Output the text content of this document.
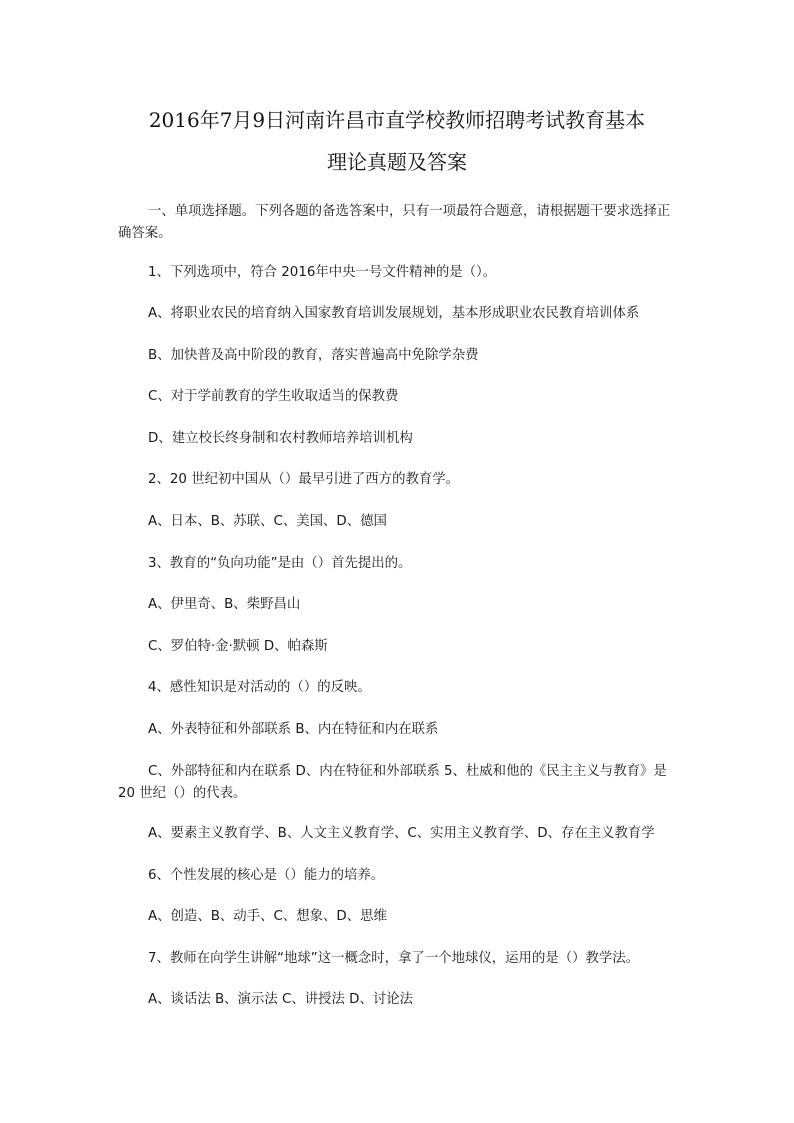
2016年7月9日河南许昌市直学校教师招聘考试教育基本
理论真题及答案
一、单项选择题。下列各题的备选答案中，只有一项最符合题意，请根据题干要求选择正确答案。
1、下列选项中，符合 2016年中央一号文件精神的是（）。
A、将职业农民的培育纳入国家教育培训发展规划，基本形成职业农民教育培训体系
B、加快普及高中阶段的教育，落实普遍高中免除学杂费
C、对于学前教育的学生收取适当的保教费
D、建立校长终身制和农村教师培养培训机构
2、20 世纪初中国从（）最早引进了西方的教育学。
A、日本、B、苏联、C、美国、D、德国
3、教育的“负向功能”是由（）首先提出的。
A、伊里奇、B、柴野昌山
C、罗伯特·金·默顿 D、帕森斯
4、感性知识是对活动的（）的反映。
A、外表特征和外部联系 B、内在特征和内在联系
C、外部特征和内在联系 D、内在特征和外部联系 5、杜威和他的《民主主义与教育》是 20 世纪（）的代表。
A、要素主义教育学、B、人文主义教育学、C、实用主义教育学、D、存在主义教育学
6、个性发展的核心是（）能力的培养。
A、创造、B、动手、C、想象、D、思维
7、教师在向学生讲解“地球”这一概念时，拿了一个地球仪，运用的是（）教学法。
A、谈话法 B、演示法 C、讲授法 D、讨论法
